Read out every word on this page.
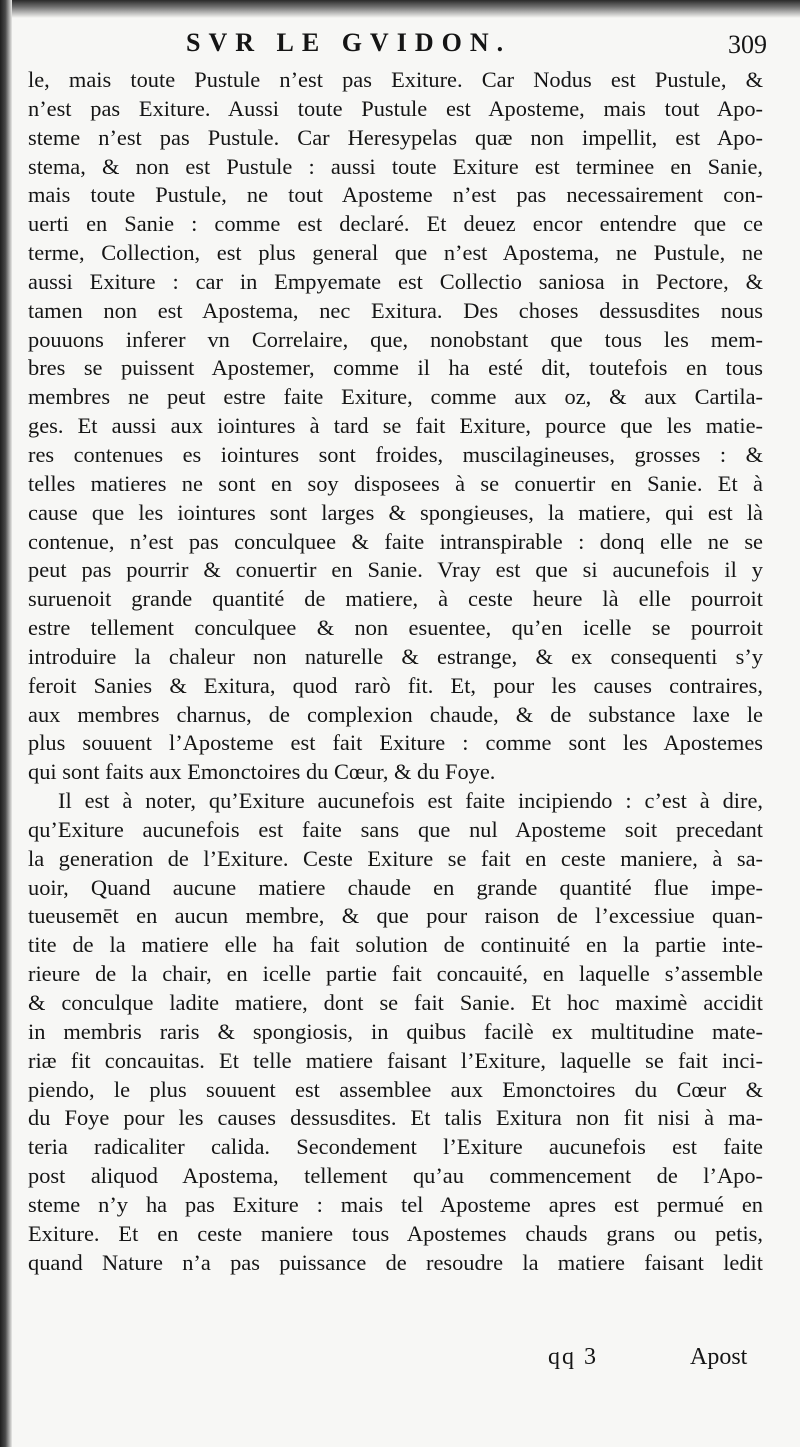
SVR LE GVIDON.	309
le, mais toute Pustule n’est pas Exiture. Car Nodus est Pustule, &
n’est pas Exiture. Aussi toute Pustule est Aposteme, mais tout Apo-
steme n’est pas Pustule. Car Heresypelas quæ non impellit, est Apo-
stema, & non est Pustule : aussi toute Exiture est terminee en Sanie,
mais toute Pustule, ne tout Aposteme n’est pas necessairement con-
uerti en Sanie : comme est declaré. Et deuez encor entendre que ce
terme, Collection, est plus general que n’est Apostema, ne Pustule, ne
aussi Exiture : car in Empyemate est Collectio saniosa in Pectore, &
tamen non est Apostema, nec Exitura. Des choses dessusdites nous
pouuons inferer vn Correlaire, que, nonobstant que tous les mem-
bres se puissent Apostemer, comme il ha esté dit, toutefois en tous
membres ne peut estre faite Exiture, comme aux oz, & aux Cartila-
ges. Et aussi aux iointures à tard se fait Exiture, pource que les matie-
res contenues es iointures sont froides, muscilagineuses, grosses : &
telles matieres ne sont en soy disposees à se conuertir en Sanie. Et à
cause que les iointures sont larges & spongieuses, la matiere, qui est là
contenue, n’est pas conculquee & faite intranspirable : donq elle ne se
peut pas pourrir & conuertir en Sanie. Vray est que si aucunefois il y
suruenoit grande quantité de matiere, à ceste heure là elle pourroit
estre tellement conculquee & non esuentee, qu’en icelle se pourroit
introduire la chaleur non naturelle & estrange, & ex consequenti s’y
feroit Sanies & Exitura, quod rarò fit. Et, pour les causes contraires,
aux membres charnus, de complexion chaude, & de substance laxe le
plus souuent l’Aposteme est fait Exiture : comme sont les Apostemes
qui sont faits aux Emonctoires du Cœur, & du Foye.
Il est à noter, qu’Exiture aucunefois est faite incipiendo : c’est à dire,
qu’Exiture aucunefois est faite sans que nul Aposteme soit precedant
la generation de l’Exiture. Ceste Exiture se fait en ceste maniere, à sa-
uoir, Quand aucune matiere chaude en grande quantité flue impe-
tueusemēt en aucun membre, & que pour raison de l’excessiue quan-
tite de la matiere elle ha fait solution de continuité en la partie inte-
rieure de la chair, en icelle partie fait concauité, en laquelle s’assemble
& conculque ladite matiere, dont se fait Sanie. Et hoc maximè accidit
in membris raris & spongiosis, in quibus facilè ex multitudine mate-
riæ fit concauitas. Et telle matiere faisant l’Exiture, laquelle se fait inci-
piendo, le plus souuent est assemblee aux Emonctoires du Cœur &
du Foye pour les causes dessusdites. Et talis Exitura non fit nisi à ma-
teria radicaliter calida. Secondement l’Exiture aucunefois est faite
post aliquod Apostema, tellement qu’au commencement de l’Apo-
steme n’y ha pas Exiture : mais tel Aposteme apres est permué en
Exiture. Et en ceste maniere tous Apostemes chauds grans ou petis,
quand Nature n’a pas puissance de resoudre la matiere faisant ledit
qq 3	Apost
